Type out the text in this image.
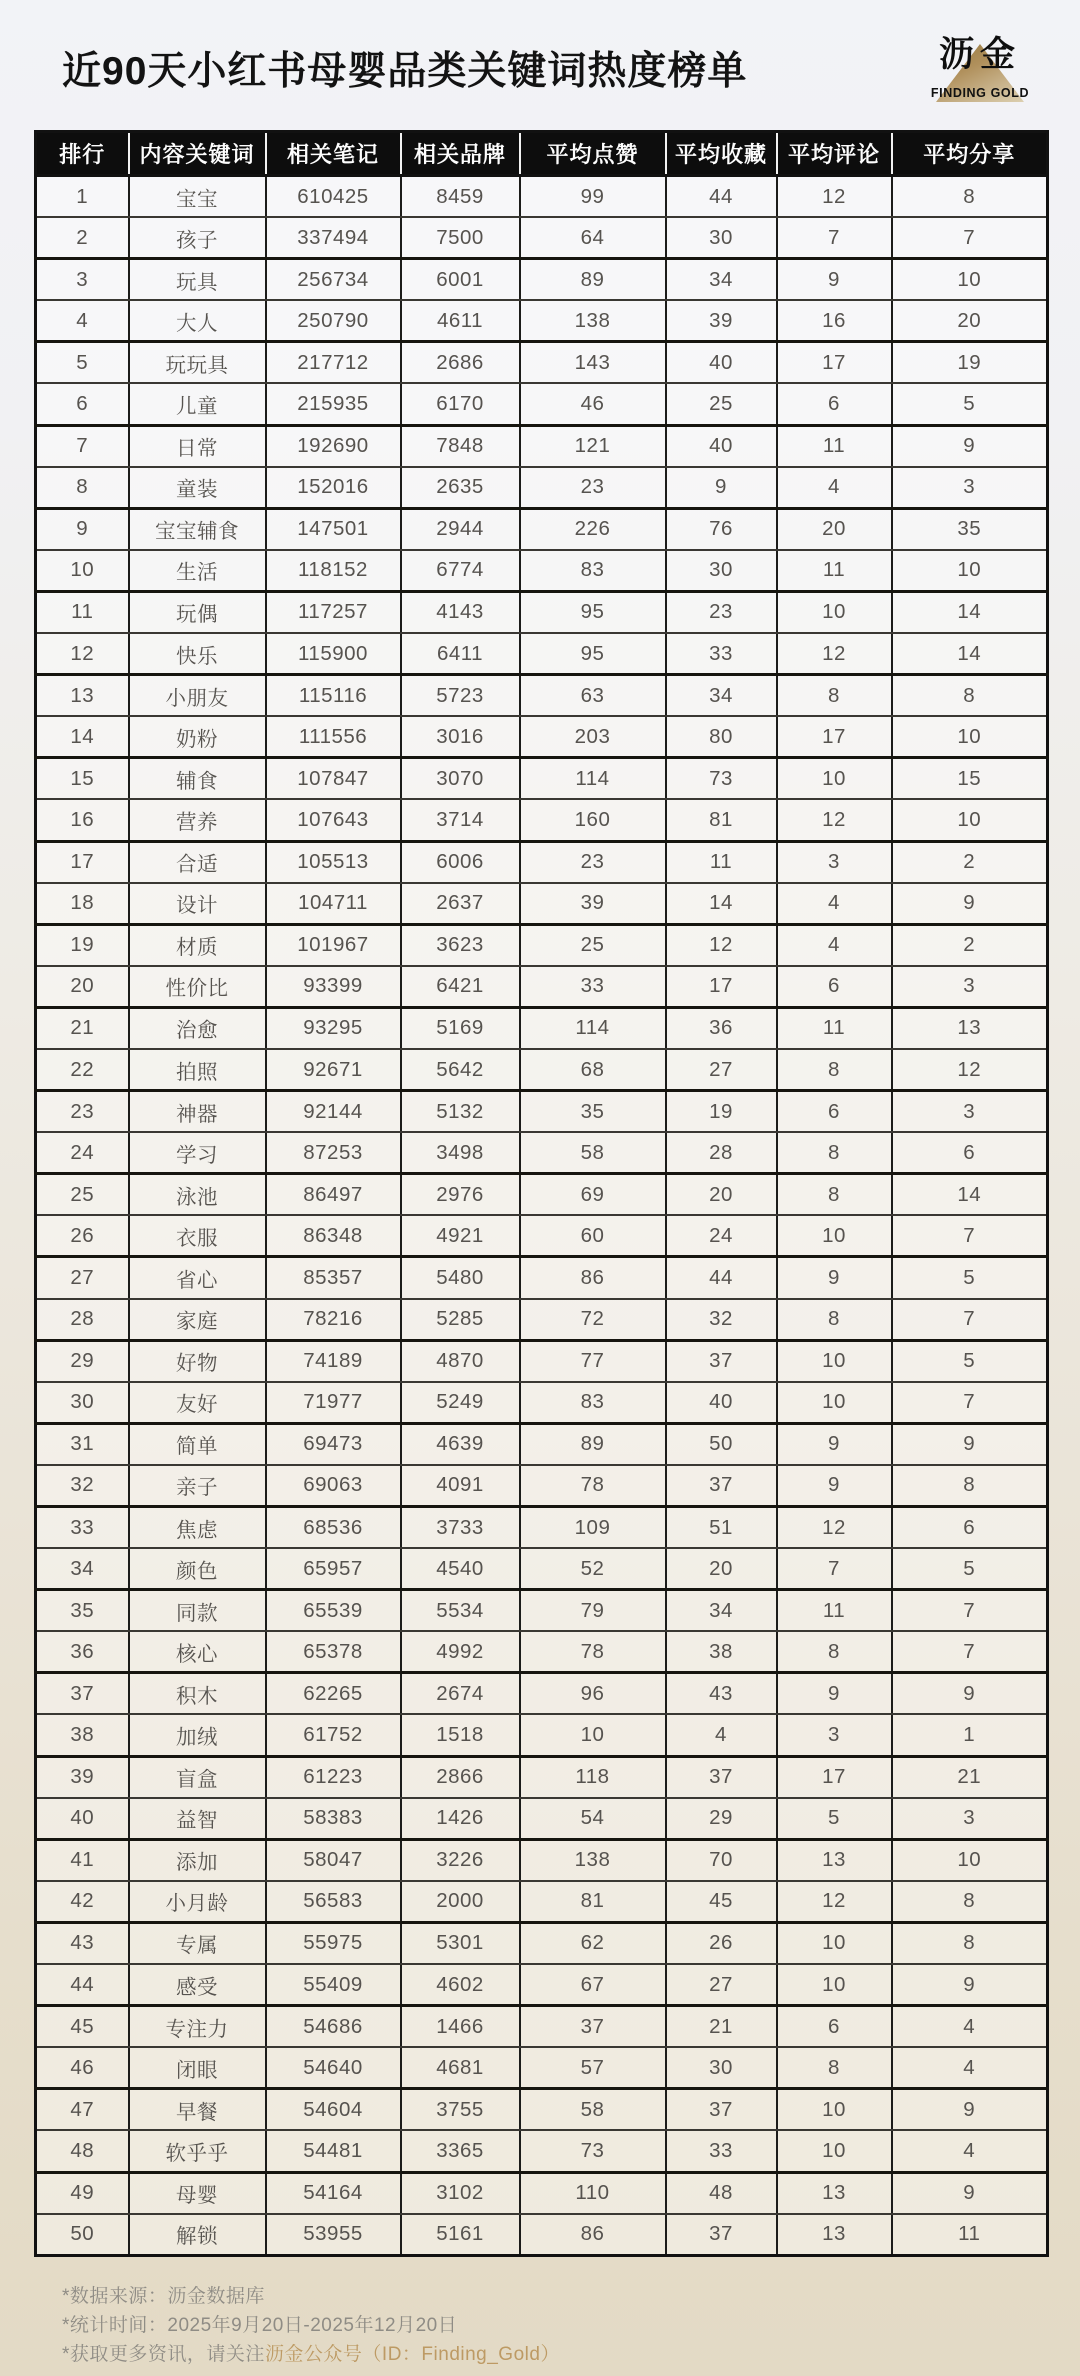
近90天小红书母婴品类关键词热度榜单	沥金
FINDING GOLD
排行	内容关键词	相关笔记	相关品牌	平均点赞	平均收藏	平均评论	平均分享
1	宝宝	610425	8459	99	44	12	8
2	孩子	337494	7500	64	30	7	7
3	玩具	256734	6001	89	34	9	10
4	大人	250790	4611	138	39	16	20
5	玩玩具	217712	2686	143	40	17	19
6	儿童	215935	6170	46	25	6	5
7	日常	192690	7848	121	40	11	9
8	童装	152016	2635	23	9	4	3
9	宝宝辅食	147501	2944	226	76	20	35
10	生活	118152	6774	83	30	11	10
11	玩偶	117257	4143	95	23	10	14
12	快乐	115900	6411	95	33	12	14
13	小朋友	115116	5723	63	34	8	8
14	奶粉	111556	3016	203	80	17	10
15	辅食	107847	3070	114	73	10	15
16	营养	107643	3714	160	81	12	10
17	合适	105513	6006	23	11	3	2
18	设计	104711	2637	39	14	4	9
19	材质	101967	3623	25	12	4	2
20	性价比	93399	6421	33	17	6	3
21	治愈	93295	5169	114	36	11	13
22	拍照	92671	5642	68	27	8	12
23	神器	92144	5132	35	19	6	3
24	学习	87253	3498	58	28	8	6
25	泳池	86497	2976	69	20	8	14
26	衣服	86348	4921	60	24	10	7
27	省心	85357	5480	86	44	9	5
28	家庭	78216	5285	72	32	8	7
29	好物	74189	4870	77	37	10	5
30	友好	71977	5249	83	40	10	7
31	简单	69473	4639	89	50	9	9
32	亲子	69063	4091	78	37	9	8
33	焦虑	68536	3733	109	51	12	6
34	颜色	65957	4540	52	20	7	5
35	同款	65539	5534	79	34	11	7
36	核心	65378	4992	78	38	8	7
37	积木	62265	2674	96	43	9	9
38	加绒	61752	1518	10	4	3	1
39	盲盒	61223	2866	118	37	17	21
40	益智	58383	1426	54	29	5	3
41	添加	58047	3226	138	70	13	10
42	小月龄	56583	2000	81	45	12	8
43	专属	55975	5301	62	26	10	8
44	感受	55409	4602	67	27	10	9
45	专注力	54686	1466	37	21	6	4
46	闭眼	54640	4681	57	30	8	4
47	早餐	54604	3755	58	37	10	9
48	软乎乎	54481	3365	73	33	10	4
49	母婴	54164	3102	110	48	13	9
50	解锁	53955	5161	86	37	13	11
*数据来源：沥金数据库
*统计时间：2025年9月20日-2025年12月20日
*获取更多资讯，请关注沥金公众号（ID：Finding_Gold）
